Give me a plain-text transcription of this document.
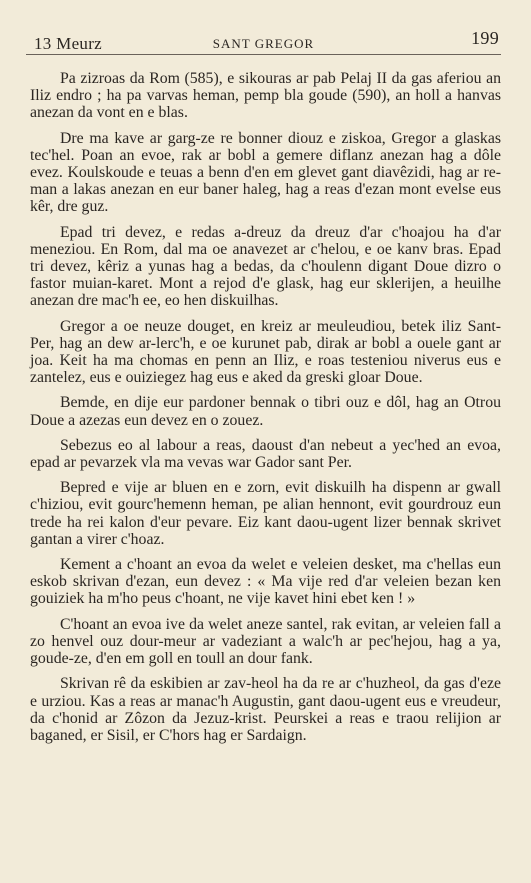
13 Meurz	SANT GREGOR	199

Pa zizroas da Rom (585), e sikouras ar pab Pelaj II da gas aferiou an Iliz endro ; ha pa varvas heman, pemp bla goude (590), an holl a hanvas anezan da vont en e blas.

Dre ma kave ar garg-ze re bonner diouz e ziskoa, Gregor a glaskas tec'hel. Poan an evoe, rak ar bobl a gemere diflanz anezan hag a dôle evez. Koulskoude e teuas a benn d'en em glevet gant diavêzidi, hag ar re-man a lakas anezan en eur baner haleg, hag a reas d'ezan mont evelse eus kêr, dre guz.

Epad tri devez, e redas a-dreuz da dreuz d'ar c'hoajou ha d'ar meneziou. En Rom, dal ma oe anavezet ar c'helou, e oe kanv bras. Epad tri devez, kêriz a yunas hag a bedas, da c'houlenn digant Doue dizro o fastor muian-karet. Mont a rejod d'e glask, hag eur sklerijen, a heuilhe anezan dre mac'h ee, eo hen diskuilhas.

Gregor a oe neuze douget, en kreiz ar meuleudiou, betek iliz Sant-Per, hag an dew ar-lerc'h, e oe kurunet pab, dirak ar bobl a ouele gant ar joa. Keit ha ma chomas en penn an Iliz, e roas testeniou niverus eus e zantelez, eus e ouiziegez hag eus e aked da greski gloar Doue.

Bemde, en dije eur pardoner bennak o tibri ouz e dôl, hag an Otrou Doue a azezas eun devez en o zouez.

Sebezus eo al labour a reas, daoust d'an nebeut a yec'hed an evoa, epad ar pevarzek vla ma vevas war Gador sant Per.

Bepred e vije ar bluen en e zorn, evit diskuilh ha dispenn ar gwall c'hiziou, evit gourc'hemenn heman, pe alian hennont, evit gourdrouz eun trede ha rei kalon d'eur pevare. Eiz kant daou-ugent lizer bennak skrivet gantan a virer c'hoaz.

Kement a c'hoant an evoa da welet e veleien desket, ma c'hellas eun eskob skrivan d'ezan, eun devez : « Ma vije red d'ar veleien bezan ken gouiziek ha m'ho peus c'hoant, ne vije kavet hini ebet ken ! »

C'hoant an evoa ive da welet aneze santel, rak evitan, ar veleien fall a zo henvel ouz dour-meur ar vadeziant a walc'h ar pec'hejou, hag a ya, goude-ze, d'en em goll en toull an dour fank.

Skrivan rê da eskibien ar zav-heol ha da re ar c'huzheol, da gas d'eze e urziou. Kas a reas ar manac'h Augustin, gant daou-ugent eus e vreudeur, da c'honid ar Zôzon da Jezuz-krist. Peurskei a reas e traou relijion ar baganed, er Sisil, er C'hors hag er Sardaign.
